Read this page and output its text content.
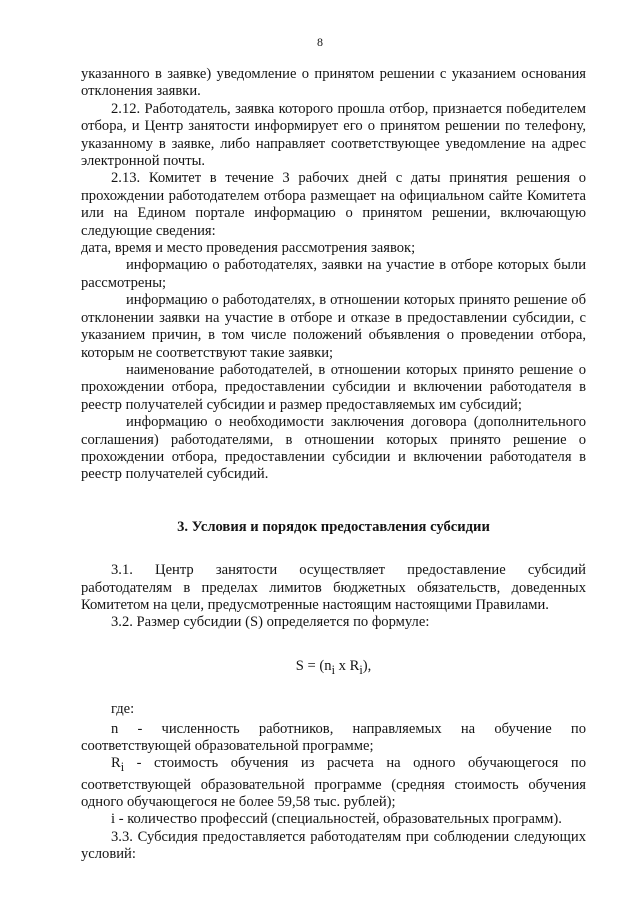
8

указанного в заявке) уведомление о принятом решении с указанием основания отклонения заявки.

2.12. Работодатель, заявка которого прошла отбор, признается победителем отбора, и Центр занятости информирует его о принятом решении по телефону, указанному в заявке, либо направляет соответствующее уведомление на адрес электронной почты.

2.13. Комитет в течение 3 рабочих дней с даты принятия решения о прохождении работодателем отбора размещает на официальном сайте Комитета или на Едином портале информацию о принятом решении, включающую следующие сведения:

дата, время и место проведения рассмотрения заявок;

информацию о работодателях, заявки на участие в отборе которых были рассмотрены;

информацию о работодателях, в отношении которых принято решение об отклонении заявки на участие в отборе и отказе в предоставлении субсидии, с указанием причин, в том числе положений объявления о проведении отбора, которым не соответствуют такие заявки;

наименование работодателей, в отношении которых принято решение о прохождении отбора, предоставлении субсидии и включении работодателя в реестр получателей субсидии и размер предоставляемых им субсидий;

информацию о необходимости заключения договора (дополнительного соглашения) работодателями, в отношении которых принято решение о прохождении отбора, предоставлении субсидии и включении работодателя в реестр получателей субсидий.

3. Условия и порядок предоставления субсидии

3.1. Центр занятости осуществляет предоставление субсидий работодателям в пределах лимитов бюджетных обязательств, доведенных Комитетом на цели, предусмотренные настоящим настоящими Правилами.

3.2. Размер субсидии (S) определяется по формуле:

$S = (n_i$ x $R_i$),

где:

n - численность работников, направляемых на обучение по соответствующей образовательной программе;

$R_i$ - стоимость обучения из расчета на одного обучающегося по соответствующей образовательной программе (средняя стоимость обучения одного обучающегося не более 59,58 тыс. рублей);

i - количество профессий (специальностей, образовательных программ).

3.3. Субсидия предоставляется работодателям при соблюдении следующих условий:
